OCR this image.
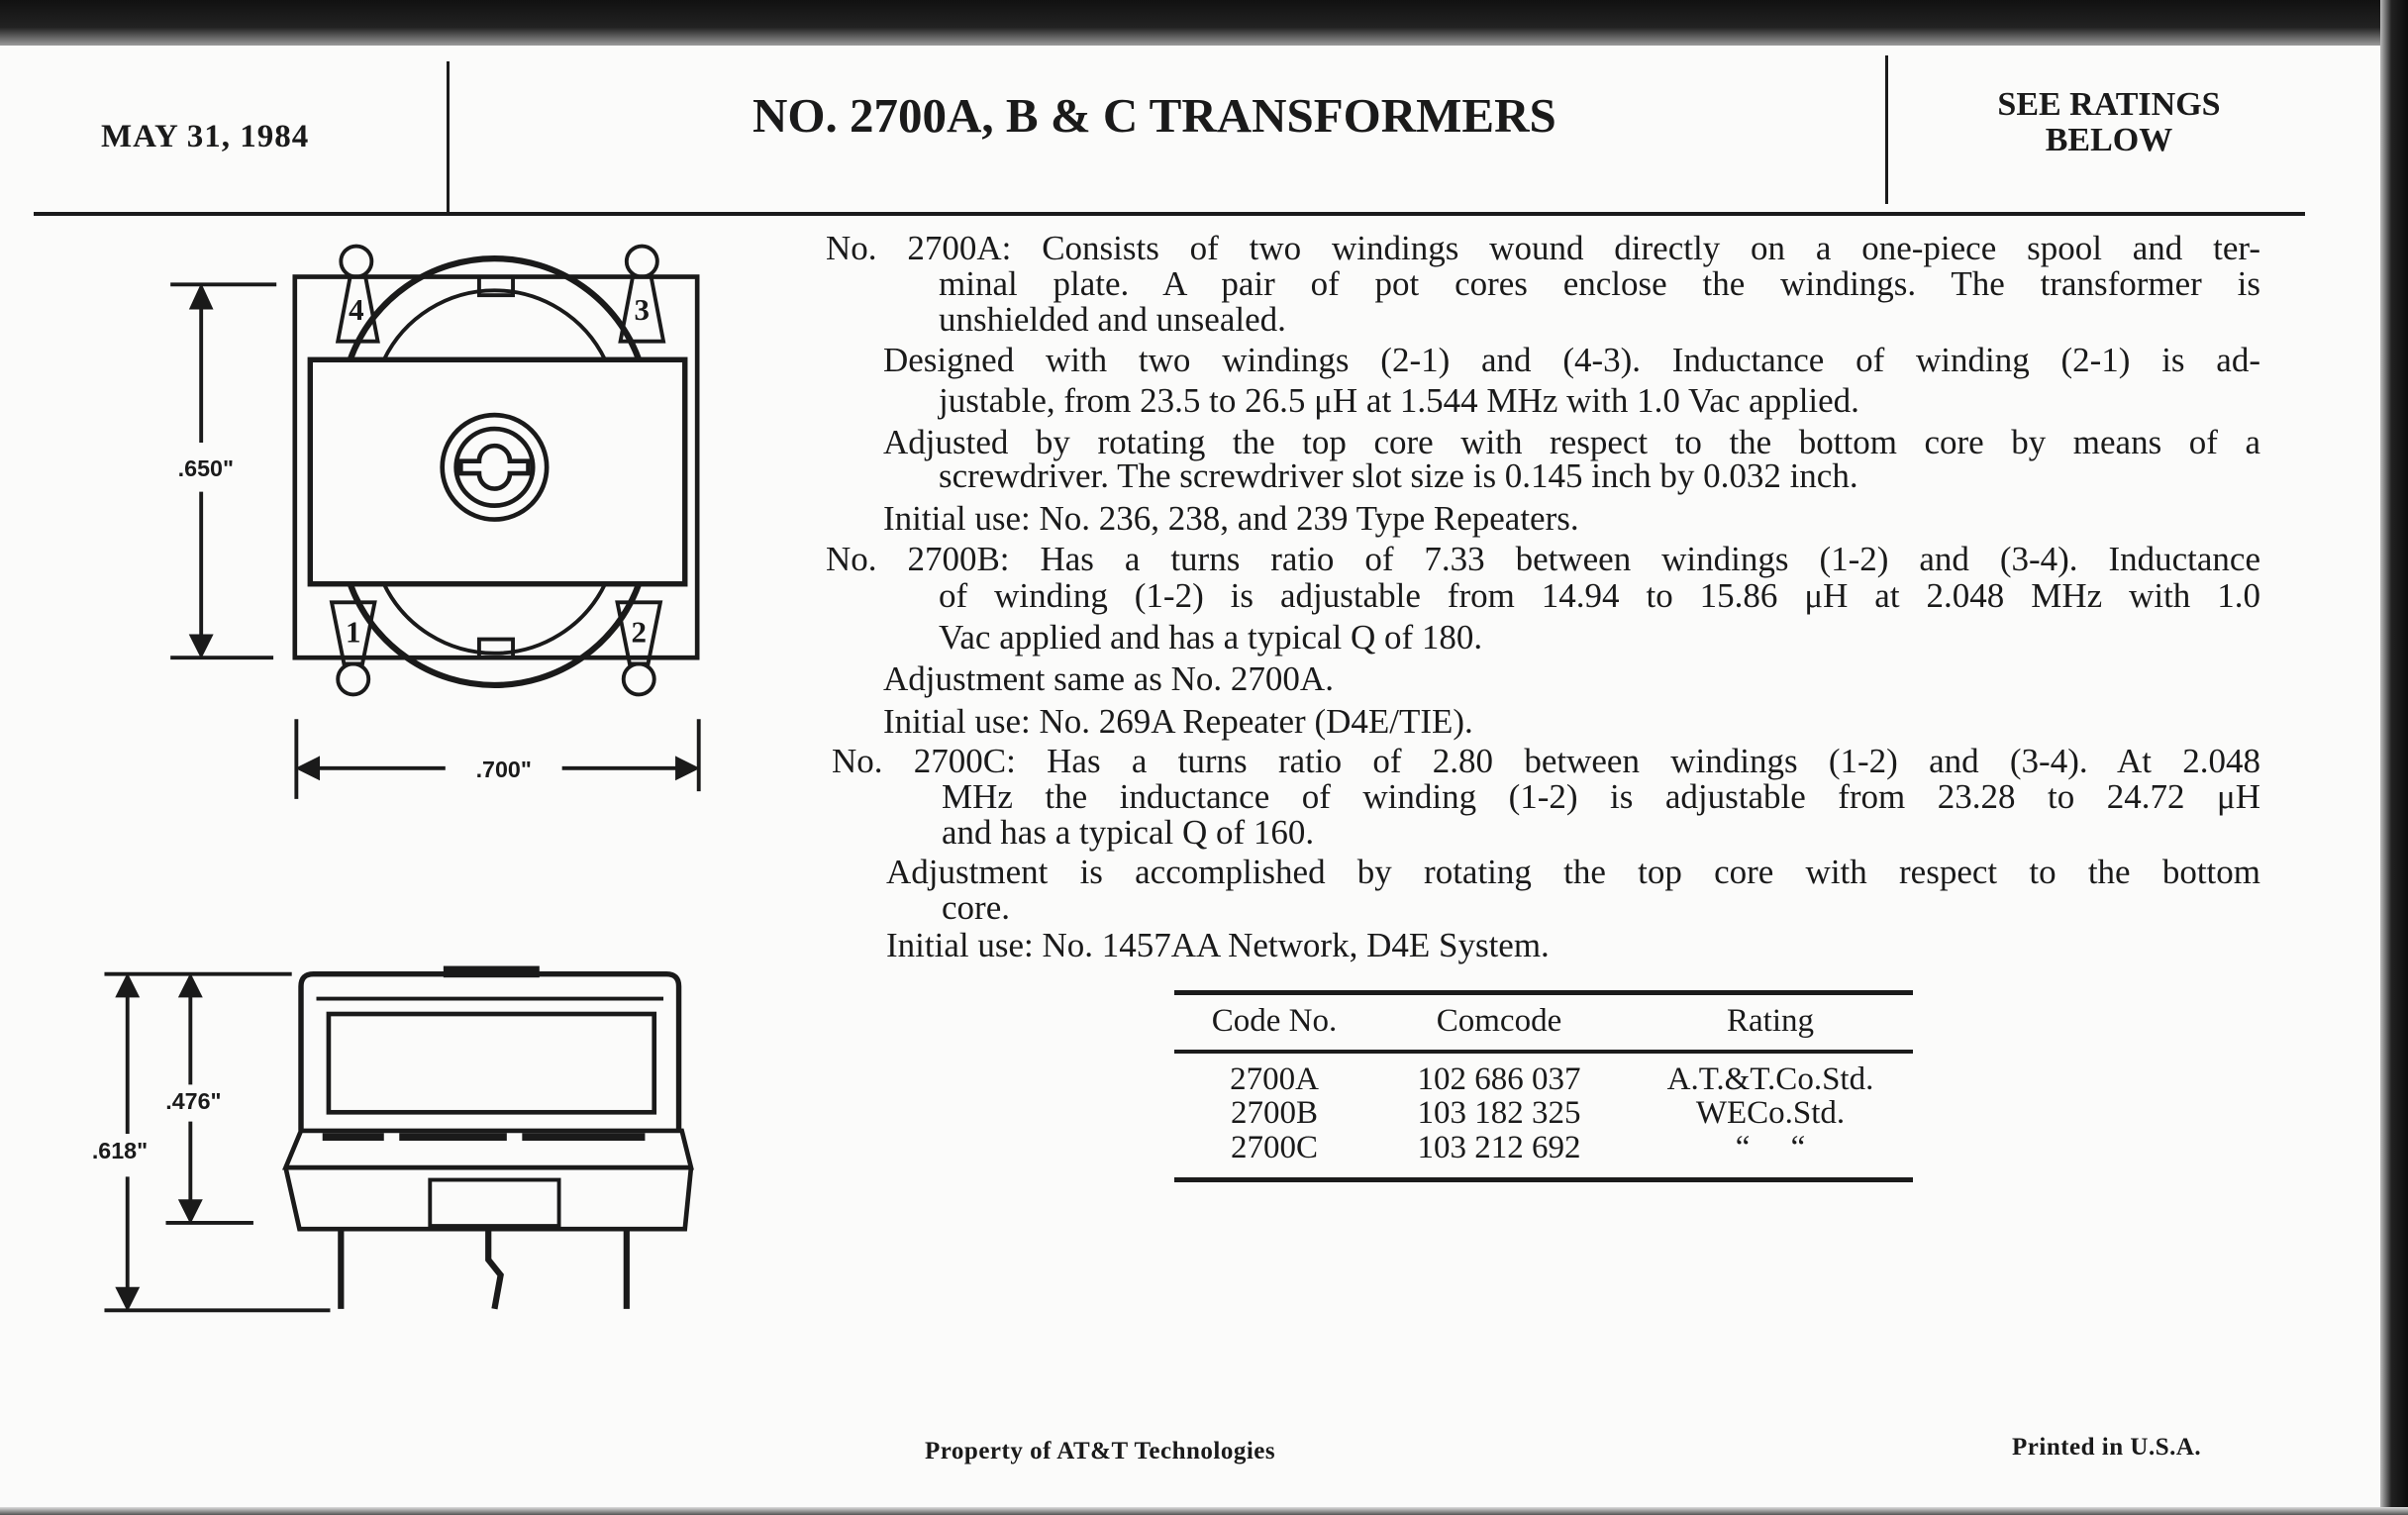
MAY 31, 1984	NO. 2700A, B & C TRANSFORMERS	SEE RATINGS
BELOW
4	3
1	2
.650"
.700"
.476"
.618"
No. 2700A: Consists of two windings wound directly on a one-piece spool and ter-
minal plate. A pair of pot cores enclose the windings. The transformer is
unshielded and unsealed.
Designed with two windings (2-1) and (4-3). Inductance of winding (2-1) is ad-
justable, from 23.5 to 26.5 μH at 1.544 MHz with 1.0 Vac applied.
Adjusted by rotating the top core with respect to the bottom core by means of a
screwdriver. The screwdriver slot size is 0.145 inch by 0.032 inch.
Initial use: No. 236, 238, and 239 Type Repeaters.
No. 2700B: Has a turns ratio of 7.33 between windings (1-2) and (3-4). Inductance
of winding (1-2) is adjustable from 14.94 to 15.86 μH at 2.048 MHz with 1.0
Vac applied and has a typical Q of 180.
Adjustment same as No. 2700A.
Initial use: No. 269A Repeater (D4E/TIE).
No. 2700C: Has a turns ratio of 2.80 between windings (1-2) and (3-4). At 2.048
MHz the inductance of winding (1-2) is adjustable from 23.28 to 24.72 μH
and has a typical Q of 160.
Adjustment is accomplished by rotating the top core with respect to the bottom
core.
Initial use: No. 1457AA Network, D4E System.
Code No.	Comcode	Rating
2700A	102 686 037	A.T.&T.Co.Std.
2700B	103 182 325	WECo.Std.
2700C	103 212 692	“     “
Property of AT&T Technologies	Printed in U.S.A.
